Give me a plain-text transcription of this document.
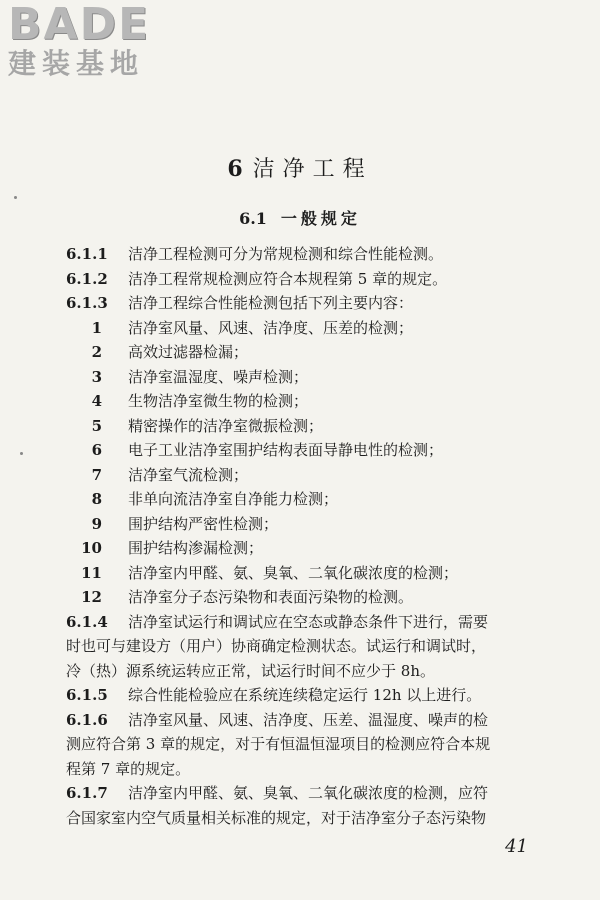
BADE
建装基地
6 洁净工程
6.1 一般规定
6.1.1 洁净工程检测可分为常规检测和综合性能检测。
6.1.2 洁净工程常规检测应符合本规程第 5 章的规定。
6.1.3 洁净工程综合性能检测包括下列主要内容：
1 洁净室风量、风速、洁净度、压差的检测；
2 高效过滤器检漏；
3 洁净室温湿度、噪声检测；
4 生物洁净室微生物的检测；
5 精密操作的洁净室微振检测；
6 电子工业洁净室围护结构表面导静电性的检测；
7 洁净室气流检测；
8 非单向流洁净室自净能力检测；
9 围护结构严密性检测；
10 围护结构渗漏检测；
11 洁净室内甲醛、氨、臭氧、二氧化碳浓度的检测；
12 洁净室分子态污染物和表面污染物的检测。
6.1.4 洁净室试运行和调试应在空态或静态条件下进行，需要
时也可与建设方（用户）协商确定检测状态。试运行和调试时，
冷（热）源系统运转应正常，试运行时间不应少于 8h。
6.1.5 综合性能检验应在系统连续稳定运行 12h 以上进行。
6.1.6 洁净室风量、风速、洁净度、压差、温湿度、噪声的检
测应符合第 3 章的规定，对于有恒温恒湿项目的检测应符合本规
程第 7 章的规定。
6.1.7 洁净室内甲醛、氨、臭氧、二氧化碳浓度的检测，应符
合国家室内空气质量相关标准的规定，对于洁净室分子态污染物
41
